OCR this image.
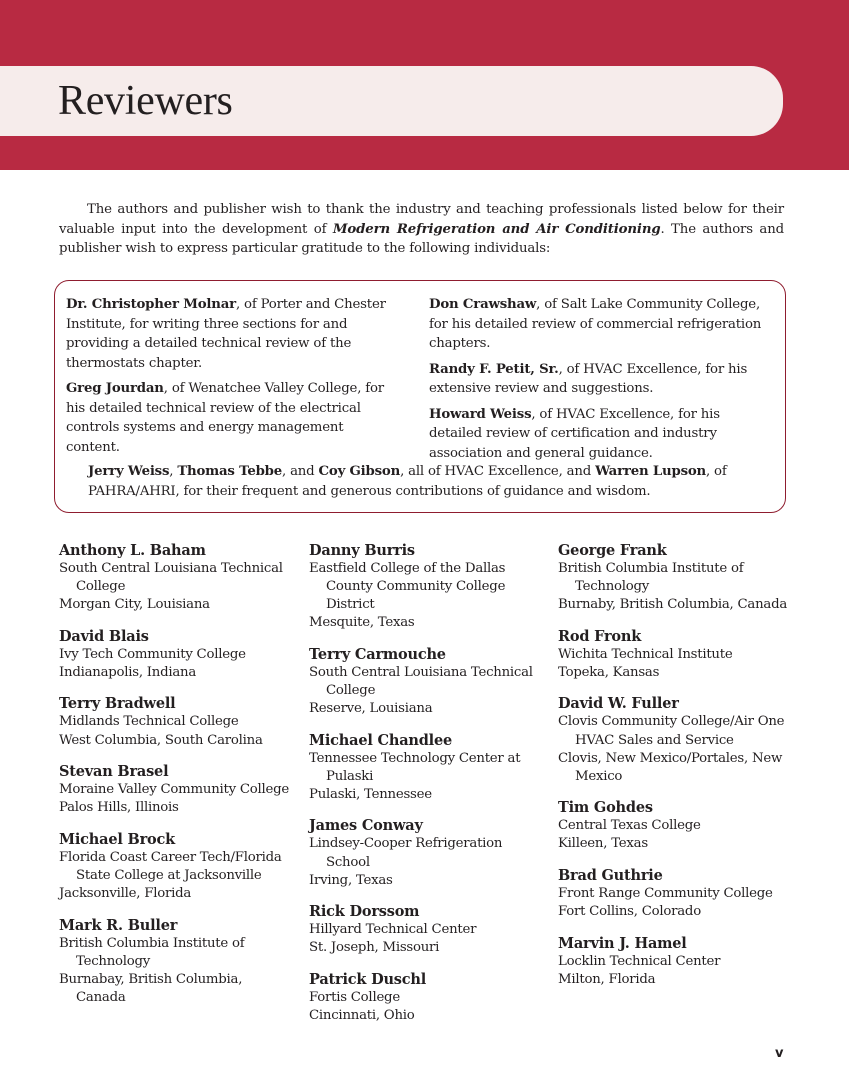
Reviewers

The authors and publisher wish to thank the industry and teaching professionals listed below for their valuable input into the development of Modern Refrigeration and Air Conditioning. The authors and publisher wish to express particular gratitude to the following individuals:

Dr. Christopher Molnar, of Porter and Chester Institute, for writing three sections for and providing a detailed technical review of the thermostats chapter.

Greg Jourdan, of Wenatchee Valley College, for his detailed technical review of the electrical controls systems and energy management content.

Don Crawshaw, of Salt Lake Community College, for his detailed review of commercial refrigeration chapters.

Randy F. Petit, Sr., of HVAC Excellence, for his extensive review and suggestions.

Howard Weiss, of HVAC Excellence, for his detailed review of certification and industry association and general guidance.

Jerry Weiss, Thomas Tebbe, and Coy Gibson, all of HVAC Excellence, and Warren Lupson, of PAHRA/AHRI, for their frequent and generous contributions of guidance and wisdom.

Anthony L. Baham
South Central Louisiana Technical College
Morgan City, Louisiana
David Blais
Ivy Tech Community College
Indianapolis, Indiana
Terry Bradwell
Midlands Technical College
West Columbia, South Carolina
Stevan Brasel
Moraine Valley Community College
Palos Hills, Illinois
Michael Brock
Florida Coast Career Tech/Florida State College at Jacksonville
Jacksonville, Florida
Mark R. Buller
British Columbia Institute of Technology
Burnabay, British Columbia, Canada
Danny Burris
Eastfield College of the Dallas County Community College District
Mesquite, Texas
Terry Carmouche
South Central Louisiana Technical College
Reserve, Louisiana
Michael Chandlee
Tennessee Technology Center at Pulaski
Pulaski, Tennessee
James Conway
Lindsey-Cooper Refrigeration School
Irving, Texas
Rick Dorssom
Hillyard Technical Center
St. Joseph, Missouri
Patrick Duschl
Fortis College
Cincinnati, Ohio
George Frank
British Columbia Institute of Technology
Burnaby, British Columbia, Canada
Rod Fronk
Wichita Technical Institute
Topeka, Kansas
David W. Fuller
Clovis Community College/Air One HVAC Sales and Service
Clovis, New Mexico/Portales, New Mexico
Tim Gohdes
Central Texas College
Killeen, Texas
Brad Guthrie
Front Range Community College
Fort Collins, Colorado
Marvin J. Hamel
Locklin Technical Center
Milton, Florida
v
